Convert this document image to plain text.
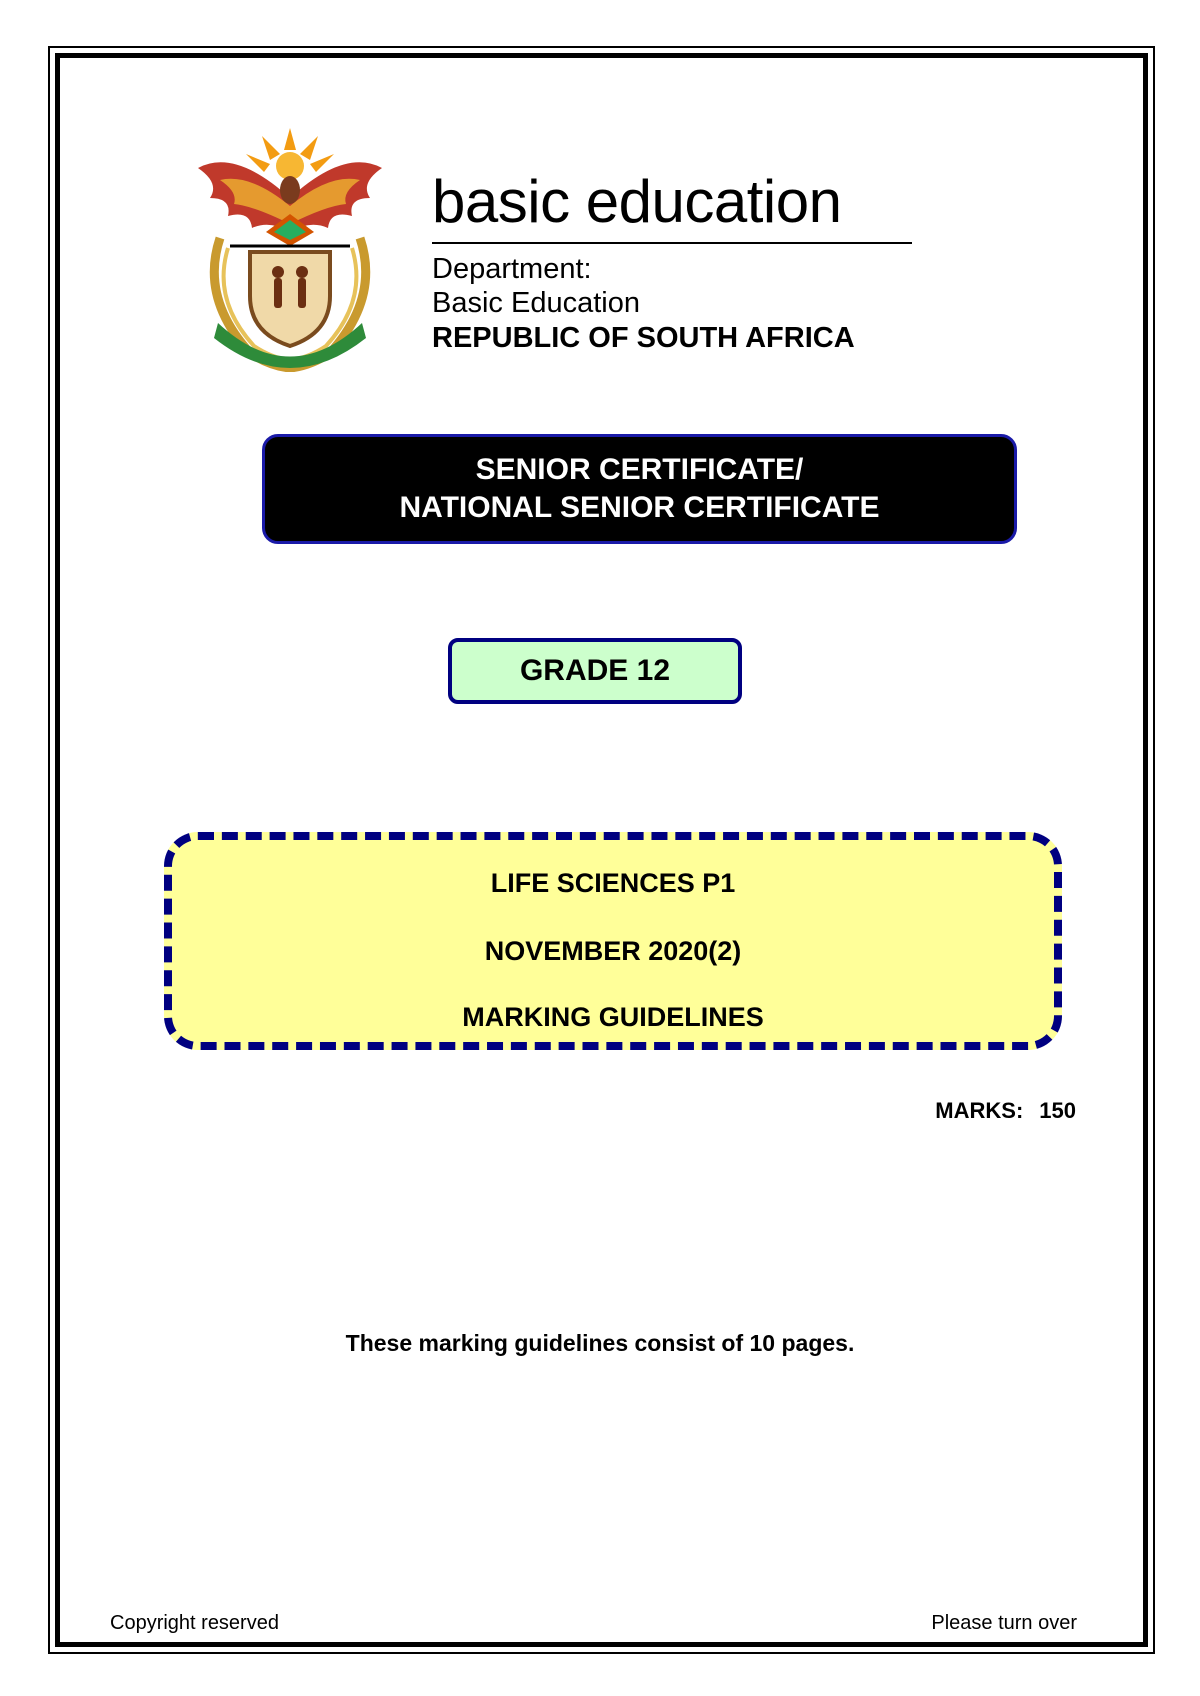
basic education
Department:
Basic Education
REPUBLIC OF SOUTH AFRICA
SENIOR CERTIFICATE/
NATIONAL SENIOR CERTIFICATE
GRADE 12
LIFE SCIENCES P1
NOVEMBER 2020(2)
MARKING GUIDELINES
MARKS: 150
These marking guidelines consist of 10 pages.
Copyright reserved	Please turn over
